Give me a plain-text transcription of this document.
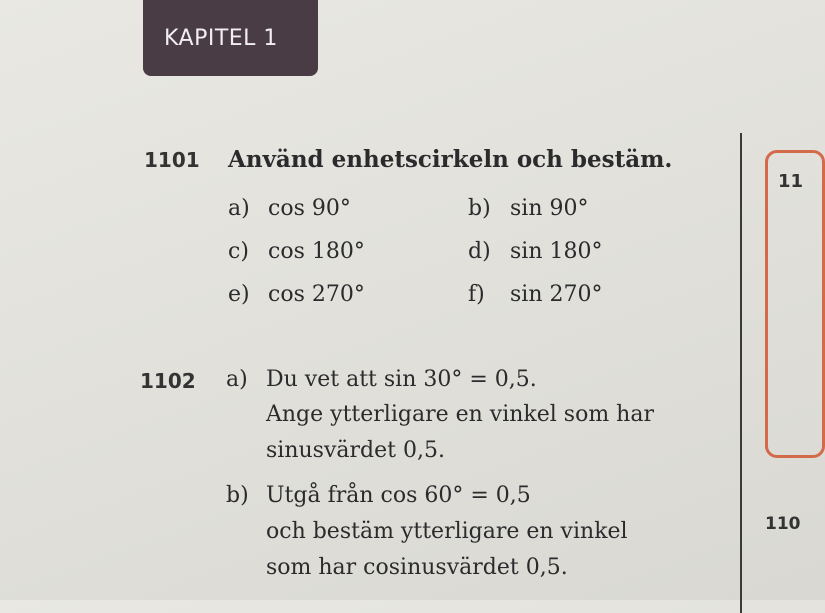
KAPITEL 1
1101 Använd enhetscirkeln och bestäm.
a) cos 90°	b) sin 90°
c) cos 180°	d) sin 180°
e) cos 270°	f) sin 270°
1102 a) Du vet att sin 30° = 0,5.
Ange ytterligare en vinkel som har
sinusvärdet 0,5.
b) Utgå från cos 60° = 0,5
och bestäm ytterligare en vinkel
som har cosinusvärdet 0,5.
11
110
